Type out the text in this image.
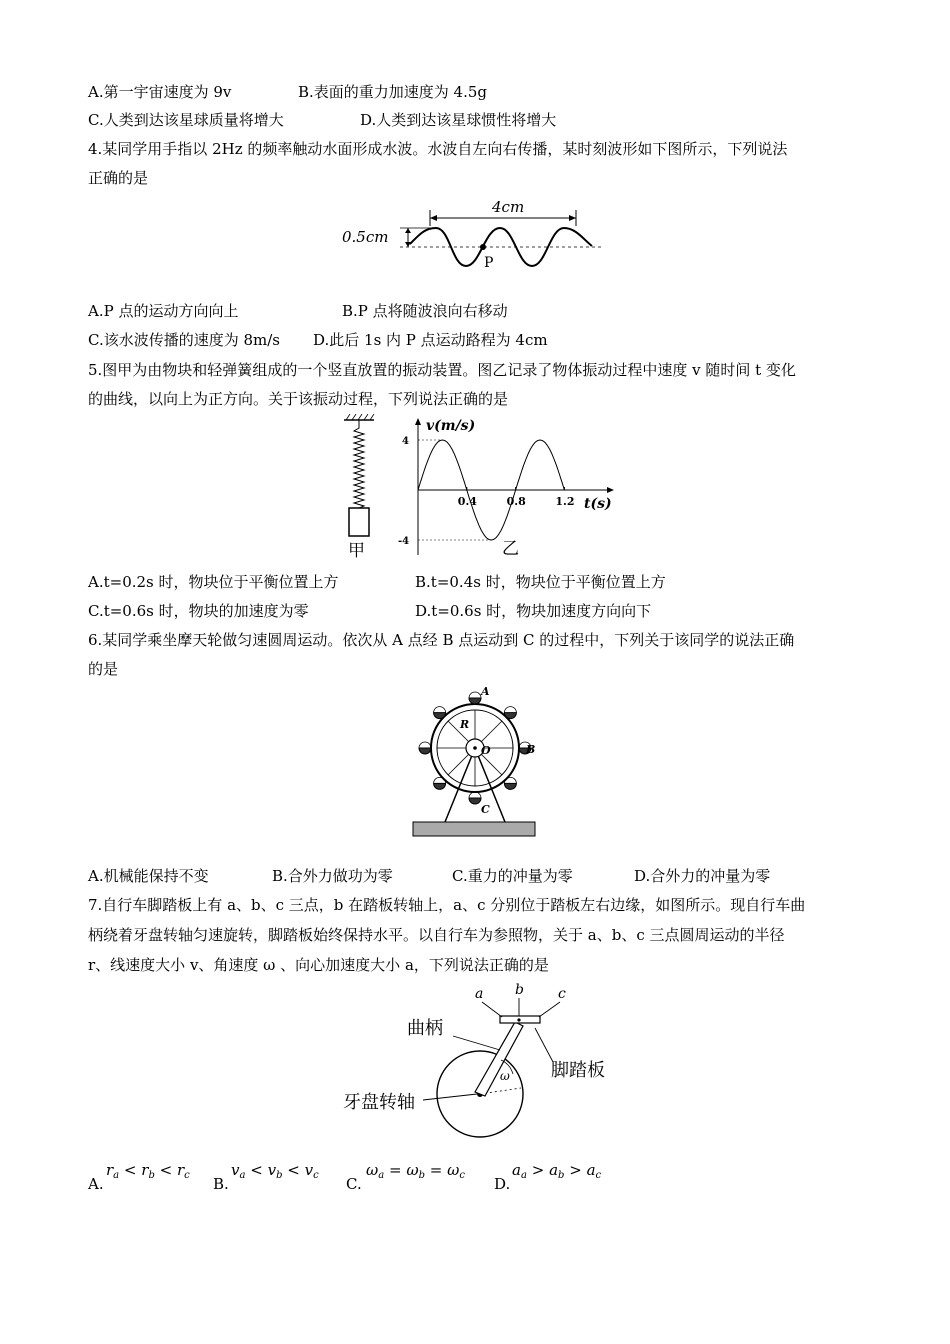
A.第一宇宙速度为 9v	B.表面的重力加速度为 4.5g
C.人类到达该星球质量将增大	D.人类到达该星球惯性将增大
4.某同学用手指以 2Hz 的频率触动水面形成水波。水波自左向右传播，某时刻波形如下图所示，下列说法
正确的是
4cm
0.5cm
P
A.P 点的运动方向向上	B.P 点将随波浪向右移动
C.该水波传播的速度为 8m/s D.此后 1s 内 P 点运动路程为 4cm
5.图甲为由物块和轻弹簧组成的一个竖直放置的振动装置。图乙记录了物体振动过程中速度 v 随时间 t 变化
的曲线，以向上为正方向。关于该振动过程，下列说法正确的是
甲
0.4	0.8	1.2
4
-4
v(m/s)
t(s)
乙
A.t=0.2s 时，物块位于平衡位置上方	B.t=0.4s 时，物块位于平衡位置上方
C.t=0.6s 时，物块的加速度为零	D.t=0.6s 时，物块加速度方向向下
6.某同学乘坐摩天轮做匀速圆周运动。依次从 A 点经 B 点运动到 C 的过程中，下列关于该同学的说法正确
的是
O
R
A
B
C
A.机械能保持不变	B.合外力做功为零	C.重力的冲量为零	D.合外力的冲量为零
7.自行车脚踏板上有 a、b、c 三点，b 在踏板转轴上，a、c 分别位于踏板左右边缘，如图所示。现自行车曲
柄绕着牙盘转轴匀速旋转，脚踏板始终保持水平。以自行车为参照物，关于 a、b、c 三点圆周运动的半径
r、线速度大小 v、角速度 ω 、向心加速度大小 a，下列说法正确的是
ω
a b c
曲柄
脚踏板
牙盘转轴
A.
$r_a < r_b < r_c$ B.
$v_a < v_b < v_c$ C.
$\omega_a = \omega_b = \omega_c$ D.
$a_a > a_b > a_c$
